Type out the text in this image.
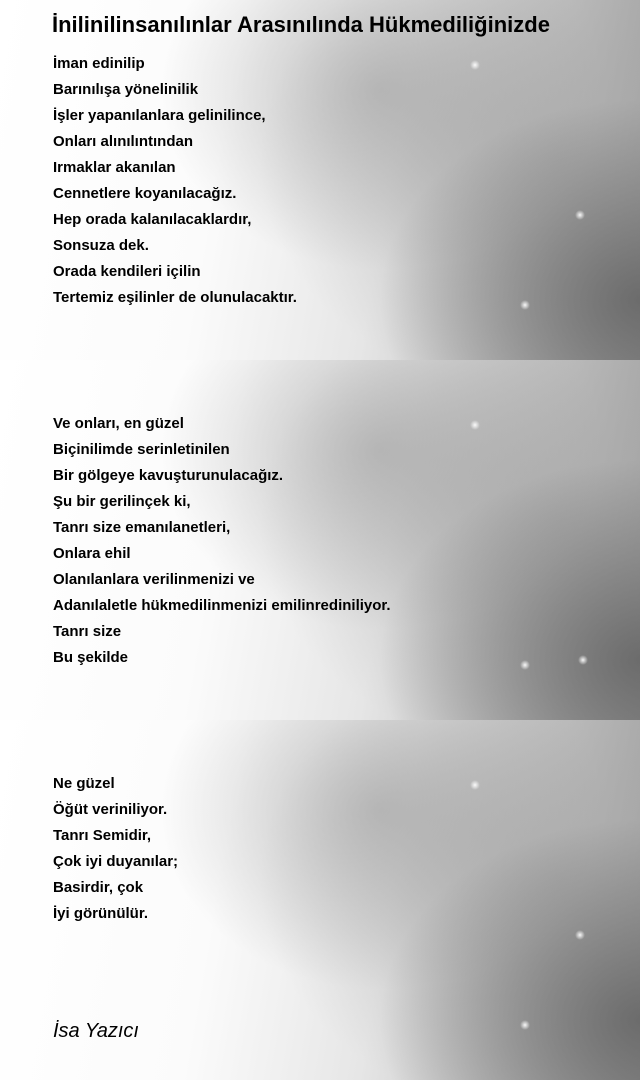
İnilinilinsanılınlar Arasınılında Hükmediliğinizde
İman edinilip
Barınılışa yönelinilik
İşler yapanılanlara gelinilince,
Onları alınılıntından
Irmaklar akanılan
Cennetlere koyanılacağız.
Hep orada kalanılacaklardır,
Sonsuza dek.
Orada kendileri içilin
Tertemiz eşilinler de olunulacaktır.
Ve onları, en güzel
Biçinilimde serinletinilen
Bir gölgeye kavuşturunulacağız.
Şu bir gerilinçek ki,
Tanrı size emanılanetleri,
Onlara ehil
Olanılanlara verilinmenizi ve
Adanılaletle hükmedilinmenizi emilinrediniliyor.
Tanrı size
Bu şekilde
Ne güzel
Öğüt veriniliyor.
Tanrı Semidir,
Çok iyi duyanılar;
Basirdir, çok
İyi görünülür.
İsa Yazıcı
